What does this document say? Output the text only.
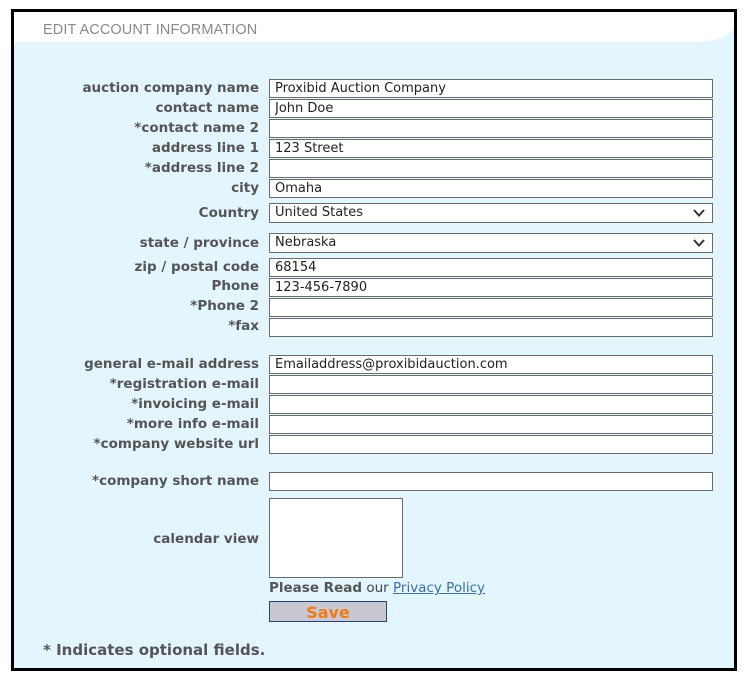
EDIT ACCOUNT INFORMATION
auction company name
Proxibid Auction Company
contact name
John Doe
*contact name 2
address line 1
123 Street
*address line 2
city
Omaha
Country	United States
state / province	Nebraska
zip / postal code
68154
Phone
123-456-7890
*Phone 2
*fax
general e-mail address
Emailaddress@proxibidauction.com
*registration e-mail
*invoicing e-mail
*more info e-mail
*company website url
*company short name
calendar view
Please Read our Privacy Policy
Save
* Indicates optional fields.
